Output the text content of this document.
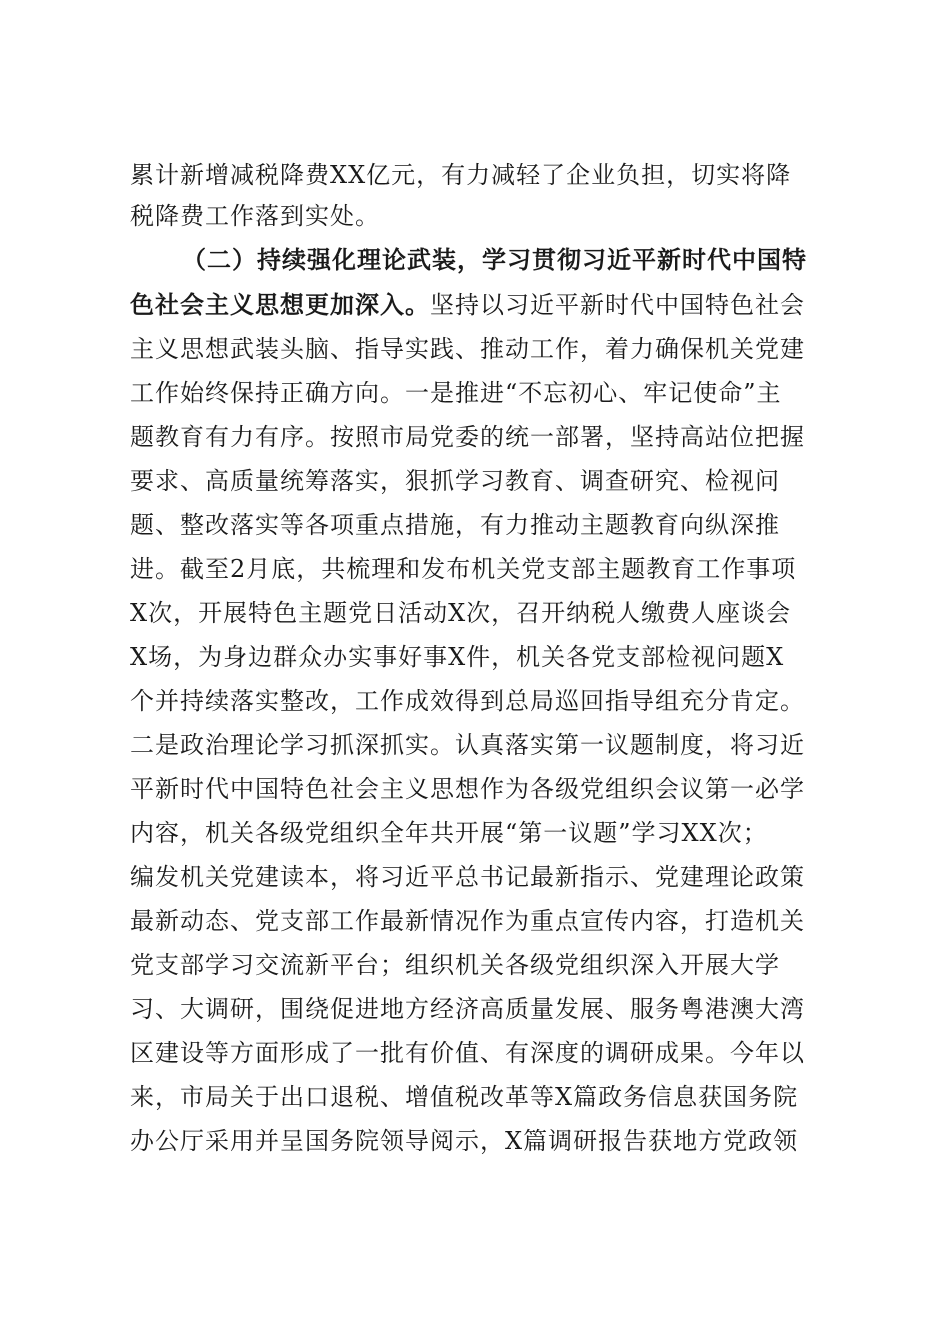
累计新增减税降费XX亿元，有力减轻了企业负担，切实将降
税降费工作落到实处。
（二）持续强化理论武装，学习贯彻习近平新时代中国特
色社会主义思想更加深入。坚持以习近平新时代中国特色社会
主义思想武装头脑、指导实践、推动工作，着力确保机关党建
工作始终保持正确方向。一是推进“不忘初心、牢记使命”主
题教育有力有序。按照市局党委的统一部署，坚持高站位把握
要求、高质量统筹落实，狠抓学习教育、调查研究、检视问
题、整改落实等各项重点措施，有力推动主题教育向纵深推
进。截至2月底，共梳理和发布机关党支部主题教育工作事项
X次，开展特色主题党日活动X次，召开纳税人缴费人座谈会
X场，为身边群众办实事好事X件，机关各党支部检视问题X
个并持续落实整改，工作成效得到总局巡回指导组充分肯定。
二是政治理论学习抓深抓实。认真落实第一议题制度，将习近
平新时代中国特色社会主义思想作为各级党组织会议第一必学
内容，机关各级党组织全年共开展“第一议题”学习XX次；
编发机关党建读本，将习近平总书记最新指示、党建理论政策
最新动态、党支部工作最新情况作为重点宣传内容，打造机关
党支部学习交流新平台；组织机关各级党组织深入开展大学
习、大调研，围绕促进地方经济高质量发展、服务粤港澳大湾
区建设等方面形成了一批有价值、有深度的调研成果。今年以
来，市局关于出口退税、增值税改革等X篇政务信息获国务院
办公厅采用并呈国务院领导阅示，X篇调研报告获地方党政领
